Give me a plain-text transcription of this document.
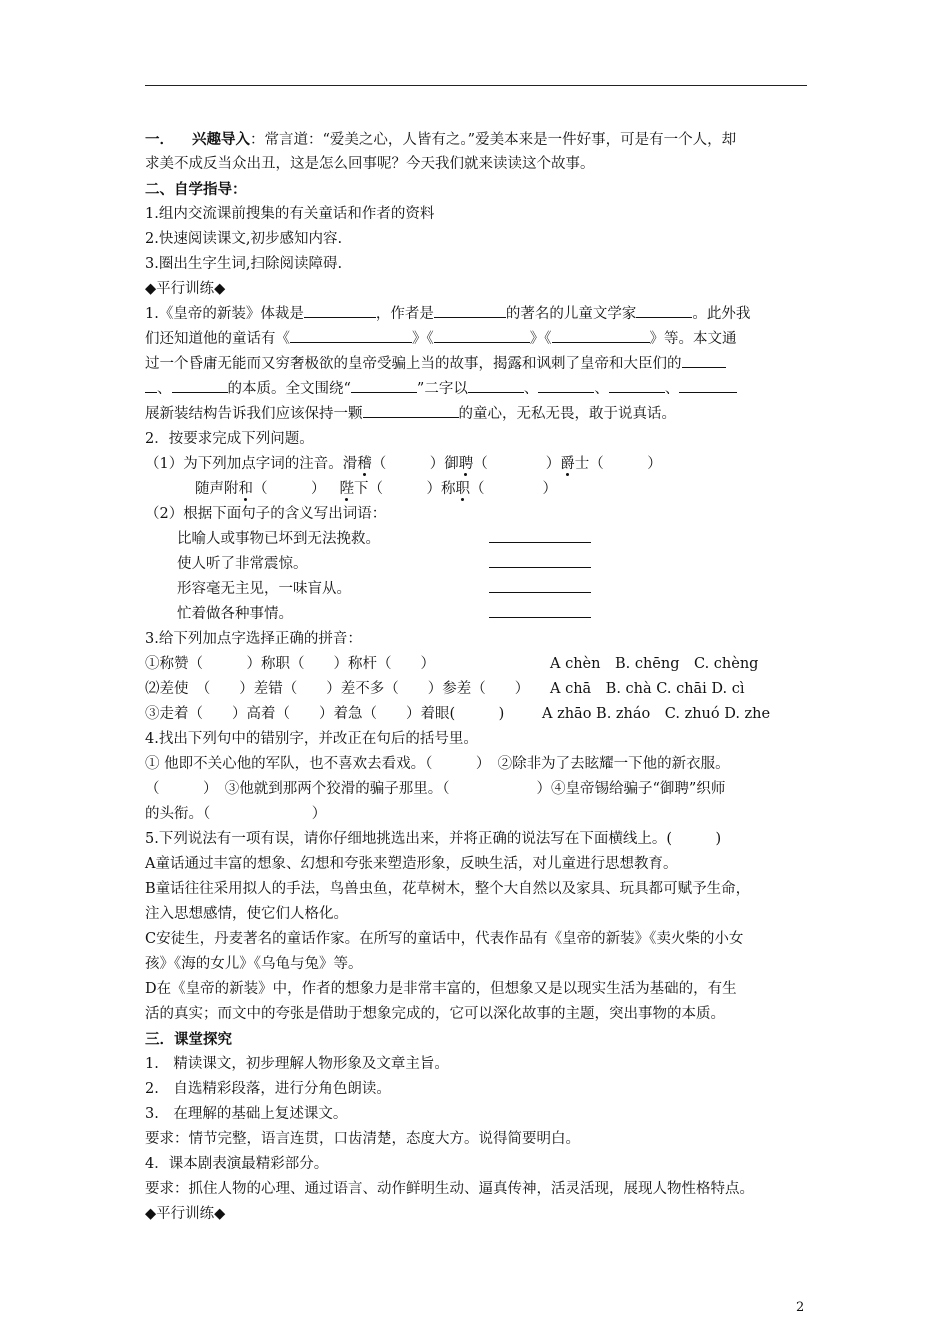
一． 兴趣导入：常言道：“爱美之心，人皆有之。”爱美本来是一件好事，可是有一个人，却
求美不成反当众出丑，这是怎么回事呢？今天我们就来读读这个故事。
二、自学指导：
1.组内交流课前搜集的有关童话和作者的资料
2.快速阅读课文,初步感知内容.
3.圈出生字生词,扫除阅读障碍.
◆平行训练◆
1.《皇帝的新装》体裁是	，作者是	的著名的儿童文学家	。此外我
们还知道他的童话有《	》《	》《	》等。本文通
过一个昏庸无能而又穷奢极欲的皇帝受骗上当的故事，揭露和讽刺了皇帝和大臣们的
、	的本质。全文围绕“	”二字以	、	、	、
展新装结构告诉我们应该保持一颗	的童心，无私无畏，敢于说真话。
2．按要求完成下列问题。
（1）为下列加点字词的注音。滑稽（　　　）御聘（　　　　）爵士（　　　）
随声附和（　　　） 陛下（　　　）称职（　　　　）
（2）根据下面句子的含义写出词语：
比喻人或事物已坏到无法挽救。
使人听了非常震惊。
形容毫无主见，一味盲从。
忙着做各种事情。
3.给下列加点字选择正确的拼音：
①称赞（　　　）称职（　　）称杆（　　）	A chèn　B. chēng　C. chèng
⑵差使　（　　）差错（　　）差不多（　　）参差（　　） A chā　B. chà C. chāi D. cì
③走着（　　）高着（　　）着急（　　）着眼(　　　)	A zhāo B. zháo　C. zhuó D. zhe
4.找出下列句中的错别字，并改正在句后的括号里。
① 他即不关心他的军队，也不喜欢去看戏。（　　　）　②除非为了去眩耀一下他的新衣服。
（　　　）　③他就到那两个狡滑的骗子那里。（　　　　　　）④皇帝锡给骗子“御聘”织师
的头衔。（　　　　　　　）
5.下列说法有一项有误，请你仔细地挑选出来，并将正确的说法写在下面横线上。(　　　)
A童话通过丰富的想象、幻想和夸张来塑造形象，反映生活，对儿童进行思想教育。
B童话往往采用拟人的手法，鸟兽虫鱼，花草树木，整个大自然以及家具、玩具都可赋予生命，
注入思想感情，使它们人格化。
C安徒生，丹麦著名的童话作家。在所写的童话中，代表作品有《皇帝的新装》《卖火柴的小女
孩》《海的女儿》《乌龟与兔》等。
D在《皇帝的新装》中，作者的想象力是非常丰富的，但想象又是以现实生活为基础的，有生
活的真实；而文中的夸张是借助于想象完成的，它可以深化故事的主题，突出事物的本质。
三．课堂探究
1.　精读课文，初步理解人物形象及文章主旨。
2.　自选精彩段落，进行分角色朗读。
3.　在理解的基础上复述课文。
要求：情节完整，语言连贯，口齿清楚，态度大方。说得简要明白。
4．课本剧表演最精彩部分。
要求：抓住人物的心理、通过语言、动作鲜明生动、逼真传神，活灵活现，展现人物性格特点。
◆平行训练◆
2
